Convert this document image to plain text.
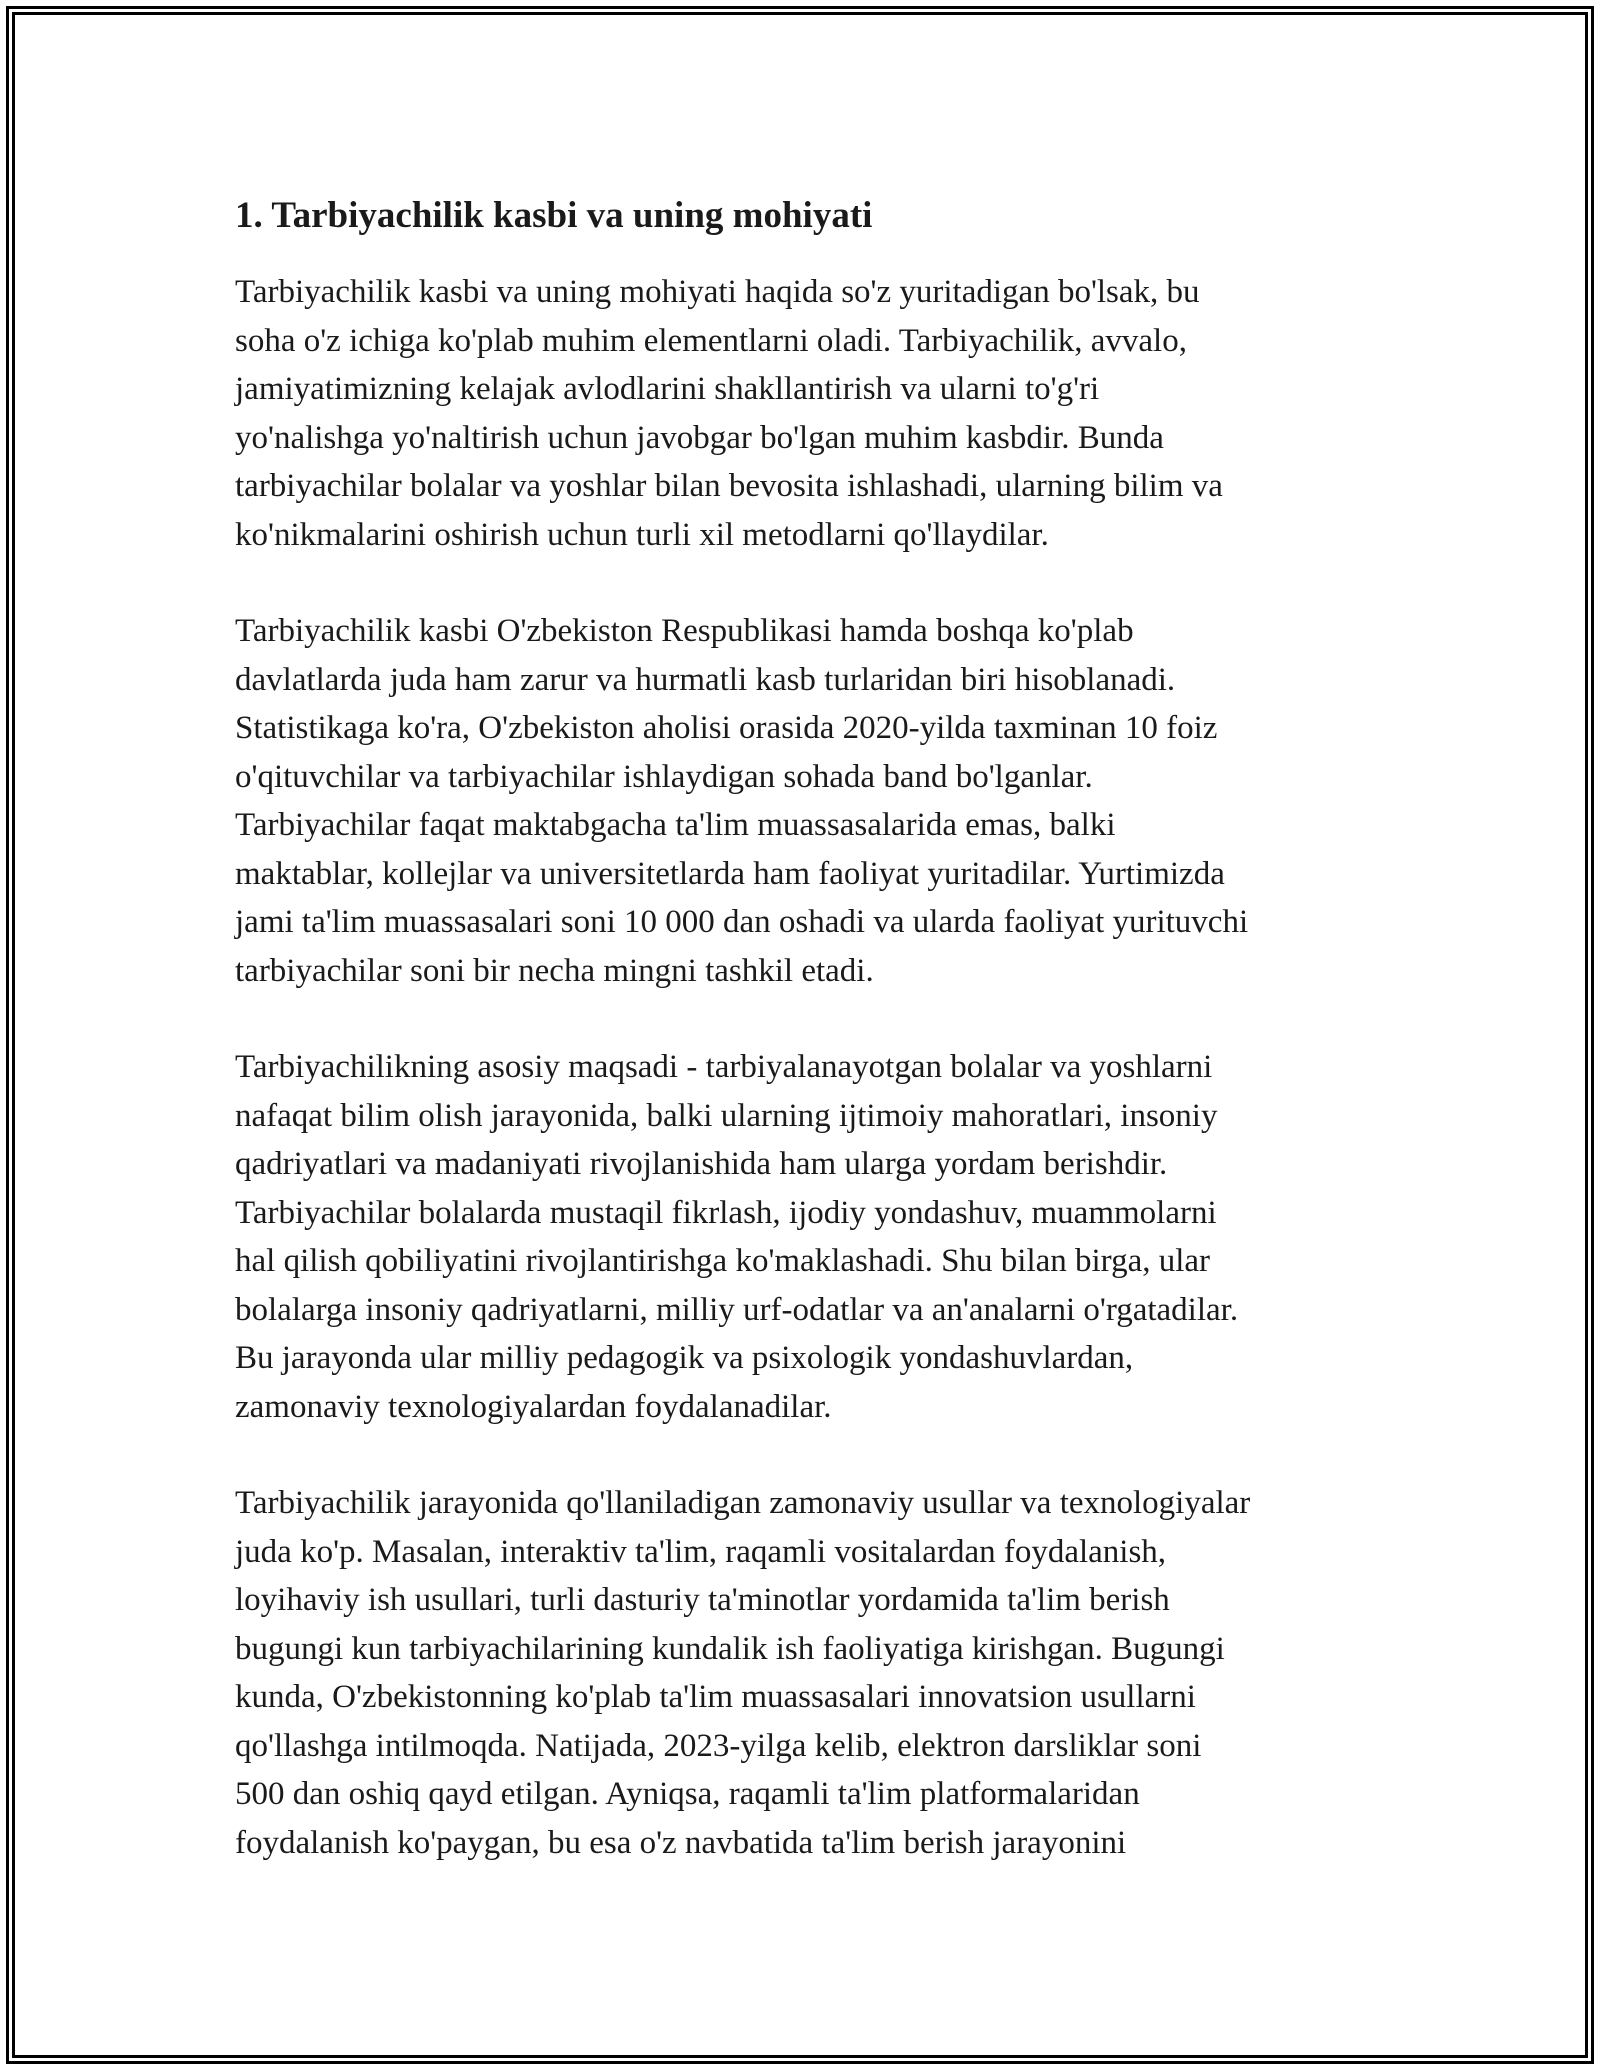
1. Tarbiyachilik kasbi va uning mohiyati

Tarbiyachilik kasbi va uning mohiyati haqida so'z yuritadigan bo'lsak, bu
soha o'z ichiga ko'plab muhim elementlarni oladi. Tarbiyachilik, avvalo,
jamiyatimizning kelajak avlodlarini shakllantirish va ularni to'g'ri
yo'nalishga yo'naltirish uchun javobgar bo'lgan muhim kasbdir. Bunda
tarbiyachilar bolalar va yoshlar bilan bevosita ishlashadi, ularning bilim va
ko'nikmalarini oshirish uchun turli xil metodlarni qo'llaydilar.

Tarbiyachilik kasbi O'zbekiston Respublikasi hamda boshqa ko'plab
davlatlarda juda ham zarur va hurmatli kasb turlaridan biri hisoblanadi.
Statistikaga ko'ra, O'zbekiston aholisi orasida 2020-yilda taxminan 10 foiz
o'qituvchilar va tarbiyachilar ishlaydigan sohada band bo'lganlar.
Tarbiyachilar faqat maktabgacha ta'lim muassasalarida emas, balki
maktablar, kollejlar va universitetlarda ham faoliyat yuritadilar. Yurtimizda
jami ta'lim muassasalari soni 10 000 dan oshadi va ularda faoliyat yurituvchi
tarbiyachilar soni bir necha mingni tashkil etadi.

Tarbiyachilikning asosiy maqsadi - tarbiyalanayotgan bolalar va yoshlarni
nafaqat bilim olish jarayonida, balki ularning ijtimoiy mahoratlari, insoniy
qadriyatlari va madaniyati rivojlanishida ham ularga yordam berishdir.
Tarbiyachilar bolalarda mustaqil fikrlash, ijodiy yondashuv, muammolarni
hal qilish qobiliyatini rivojlantirishga ko'maklashadi. Shu bilan birga, ular
bolalarga insoniy qadriyatlarni, milliy urf-odatlar va an'analarni o'rgatadilar.
Bu jarayonda ular milliy pedagogik va psixologik yondashuvlardan,
zamonaviy texnologiyalardan foydalanadilar.

Tarbiyachilik jarayonida qo'llaniladigan zamonaviy usullar va texnologiyalar
juda ko'p. Masalan, interaktiv ta'lim, raqamli vositalardan foydalanish,
loyihaviy ish usullari, turli dasturiy ta'minotlar yordamida ta'lim berish
bugungi kun tarbiyachilarining kundalik ish faoliyatiga kirishgan. Bugungi
kunda, O'zbekistonning ko'plab ta'lim muassasalari innovatsion usullarni
qo'llashga intilmoqda. Natijada, 2023-yilga kelib, elektron darsliklar soni
500 dan oshiq qayd etilgan. Ayniqsa, raqamli ta'lim platformalaridan
foydalanish ko'paygan, bu esa o'z navbatida ta'lim berish jarayonini
